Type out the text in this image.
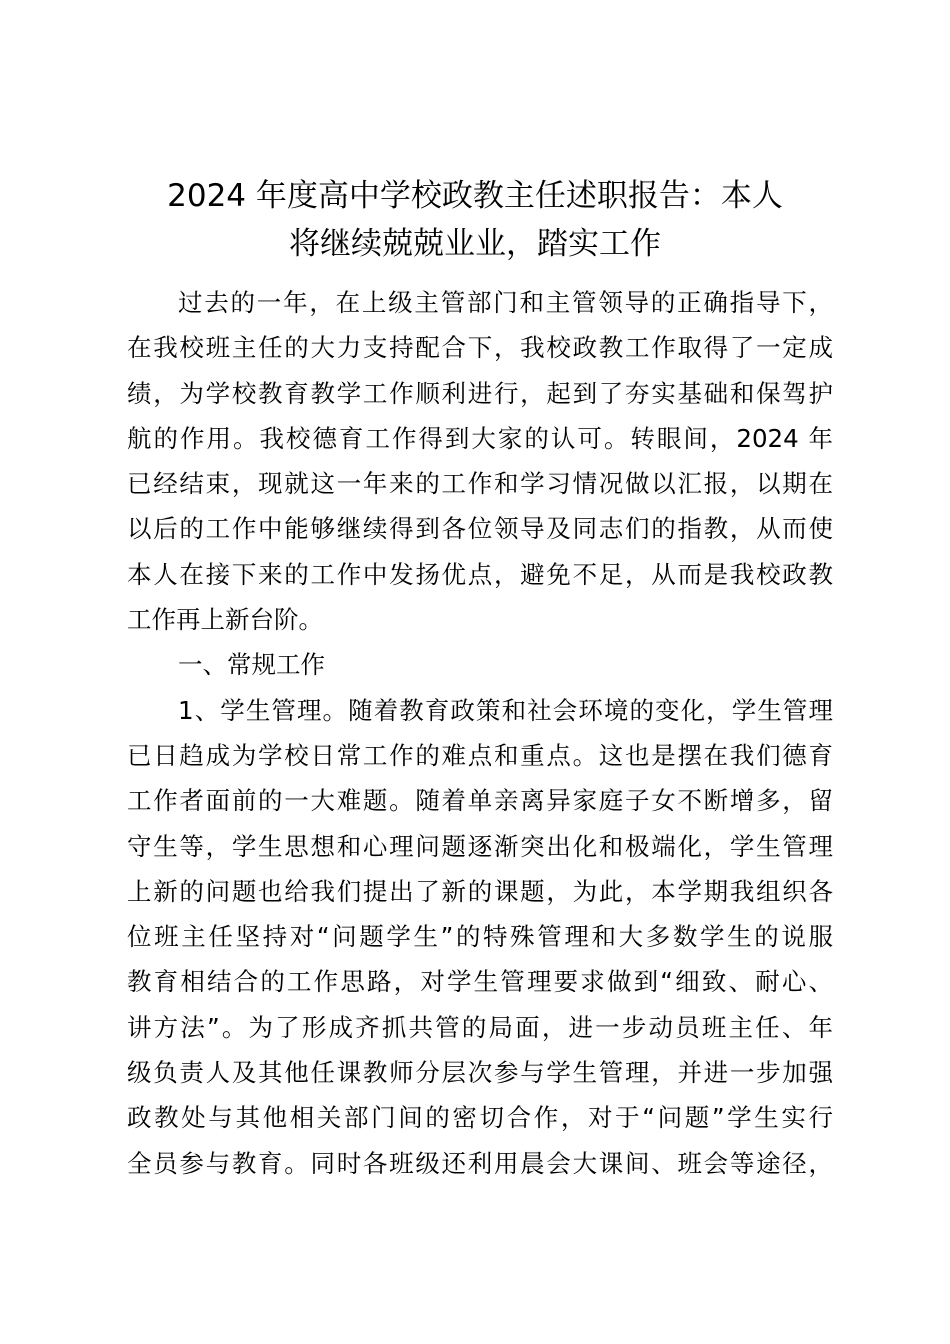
2024 年度高中学校政教主任述职报告：本人
将继续兢兢业业，踏实工作
过去的一年，在上级主管部门和主管领导的正确指导下，
在我校班主任的大力支持配合下，我校政教工作取得了一定成
绩，为学校教育教学工作顺利进行，起到了夯实基础和保驾护
航的作用。我校德育工作得到大家的认可。转眼间，2024 年
已经结束，现就这一年来的工作和学习情况做以汇报，以期在
以后的工作中能够继续得到各位领导及同志们的指教，从而使
本人在接下来的工作中发扬优点，避免不足，从而是我校政教
工作再上新台阶。
一、常规工作
1、学生管理。随着教育政策和社会环境的变化，学生管理
已日趋成为学校日常工作的难点和重点。这也是摆在我们德育
工作者面前的一大难题。随着单亲离异家庭子女不断增多，留
守生等，学生思想和心理问题逐渐突出化和极端化，学生管理
上新的问题也给我们提出了新的课题，为此，本学期我组织各
位班主任坚持对“问题学生”的特殊管理和大多数学生的说服
教育相结合的工作思路，对学生管理要求做到“细致、耐心、
讲方法”。为了形成齐抓共管的局面，进一步动员班主任、年
级负责人及其他任课教师分层次参与学生管理，并进一步加强
政教处与其他相关部门间的密切合作，对于“问题”学生实行
全员参与教育。同时各班级还利用晨会大课间、班会等途径，
